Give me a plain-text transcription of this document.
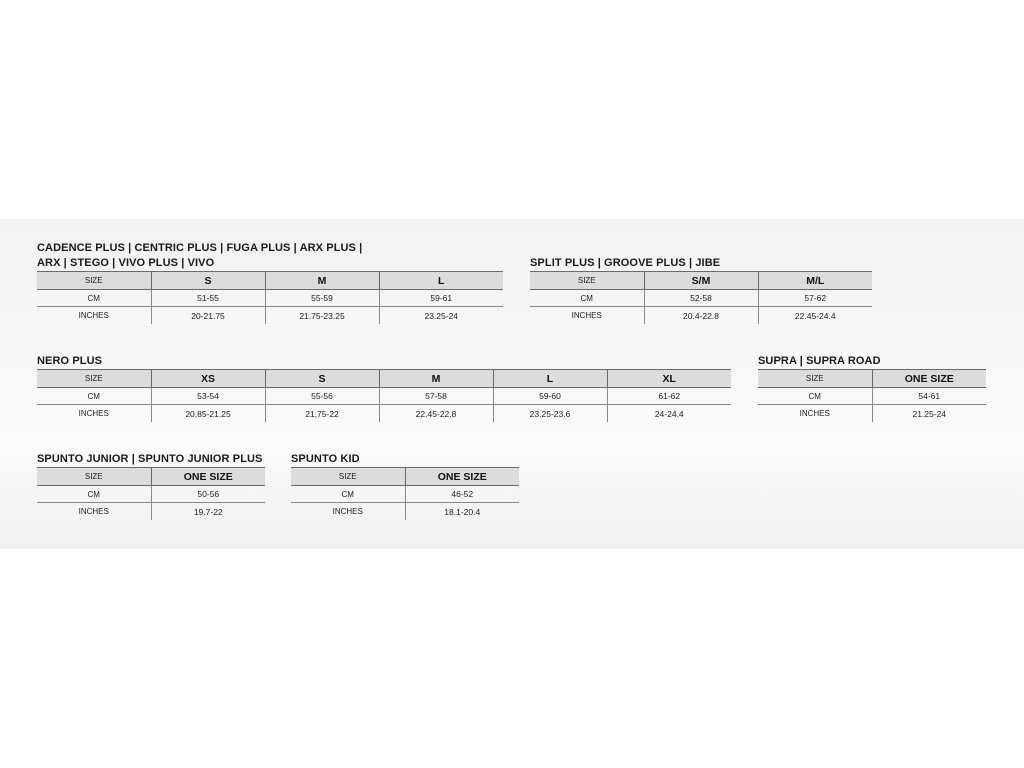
CADENCE PLUS | CENTRIC PLUS | FUGA PLUS | ARX PLUS |
ARX | STEGO | VIVO PLUS | VIVO
SIZE	S	M	L
CM	51-55	55-59	59-61
INCHES	20-21.75	21.75-23.25	23.25-24
SPLIT PLUS | GROOVE PLUS | JIBE
SIZE	S/M	M/L
CM	52-58	57-62
INCHES	20.4-22.8	22.45-24.4
NERO PLUS
SIZE	XS	S	M	L	XL
CM	53-54	55-56	57-58	59-60	61-62
INCHES	20.85-21.25	21.75-22	22.45-22.8	23.25-23.6	24-24.4
SUPRA | SUPRA ROAD
SIZE	ONE SIZE
CM	54-61
INCHES	21.25-24
SPUNTO JUNIOR | SPUNTO JUNIOR PLUS
SIZE	ONE SIZE
CM	50-56
INCHES	19.7-22
SPUNTO KID
SIZE	ONE SIZE
CM	46-52
INCHES	18.1-20.4
